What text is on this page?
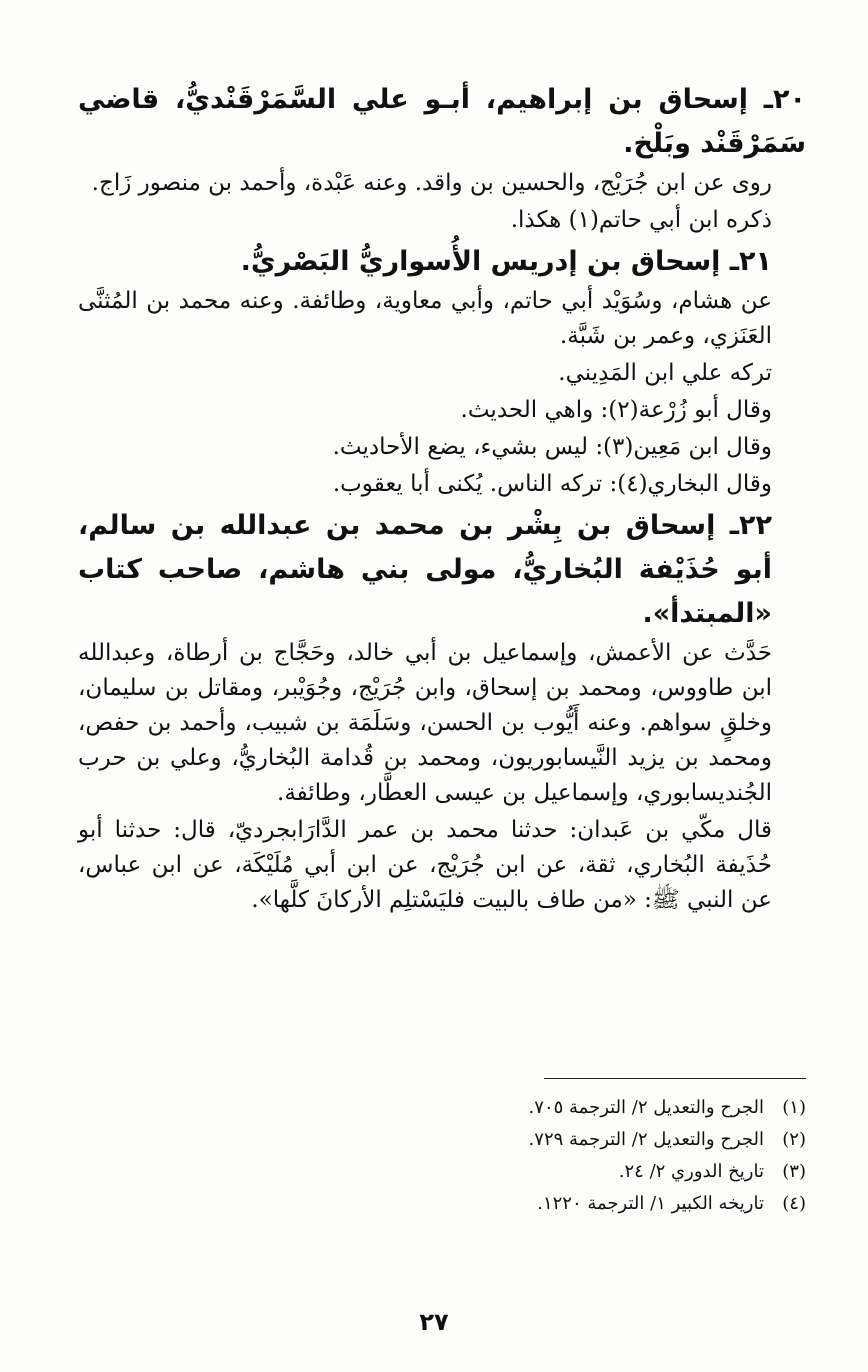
٢٠ـ إسحاق بن إبراهيم، أبـو علي السَّمَرْقَنْديُّ، قاضي سَمَرْقَنْد وبَلْخ.

روى عن ابن جُرَيْج، والحسين بن واقد. وعنه عَبْدة، وأحمد بن منصور زَاج.

ذكره ابن أبي حاتم(١) هكذا.

٢١ـ إسحاق بن إدريس الأُسواريُّ البَصْريُّ.

عن هشام، وسُوَيْد أبي حاتم، وأبي معاوية، وطائفة. وعنه محمد بن المُثنَّى العَنَزي، وعمر بن شَبَّة.

تركه علي ابن المَدِيني.

وقال أبو زُرْعة(٢): واهي الحديث.

وقال ابن مَعِين(٣): ليس بشيء، يضع الأحاديث.

وقال البخاري(٤): تركه الناس. يُكنى أبا يعقوب.

٢٢ـ إسحاق بن بِشْر بن محمد بن عبدالله بن سالم، أبو حُذَيْفة البُخاريُّ، مولى بني هاشم، صاحب كتاب «المبتدأ».

حَدَّث عن الأعمش، وإسماعيل بن أبي خالد، وحَجَّاج بن أرطاة، وعبدالله ابن طاووس، ومحمد بن إسحاق، وابن جُرَيْج، وجُوَيْبر، ومقاتل بن سليمان، وخلقٍ سواهم. وعنه أَيُّوب بن الحسن، وسَلَمَة بن شبيب، وأحمد بن حفص، ومحمد بن يزيد النَّيسابوريون، ومحمد بن قُدامة البُخاريُّ، وعلي بن حرب الجُنديسابوري، وإسماعيل بن عيسى العطَّار، وطائفة.

قال مكّي بن عَبدان: حدثنا محمد بن عمر الدَّارَابجرديّ، قال: حدثنا أبو حُذَيفة البُخاري، ثقة، عن ابن جُرَيْج، عن ابن أبي مُلَيْكَة، عن ابن عباس، عن النبي ﷺ: «من طاف بالبيت فليَسْتلِم الأركانَ كلَّها».

(١)
الجرح والتعديل ٢/ الترجمة ٧٠٥.
(٢)
الجرح والتعديل ٢/ الترجمة ٧٢٩.
(٣)
تاريخ الدوري ٢/ ٢٤.
(٤)
تاريخه الكبير ١/ الترجمة ١٢٢٠.
٢٧
